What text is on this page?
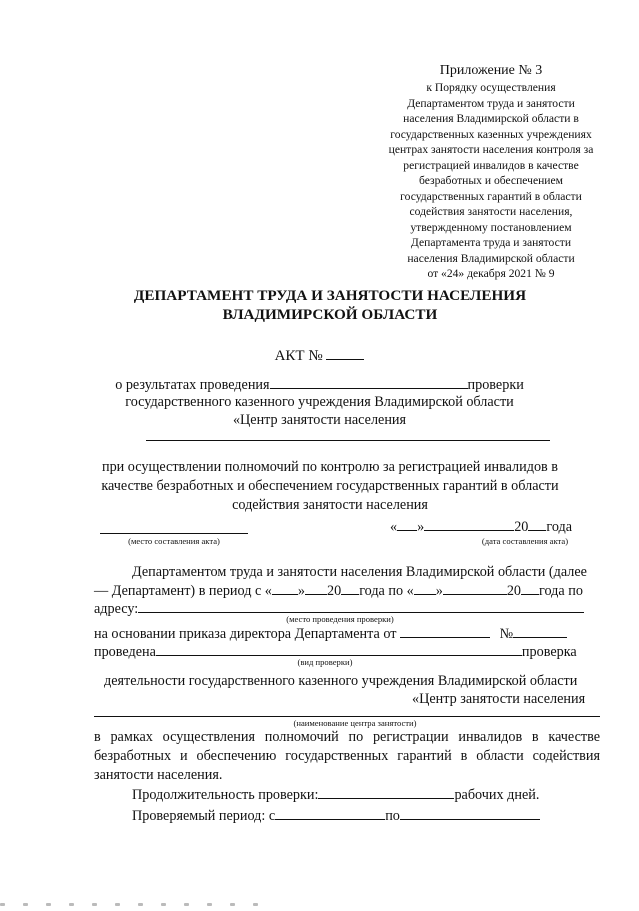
Приложение № 3
к Порядку осуществления
Департаментом труда и занятости
населения Владимирской области в
государственных казенных учреждениях
центрах занятости населения контроля за
регистрацией инвалидов в качестве
безработных и обеспечением
государственных гарантий в области
содействия занятости населения,
утвержденному постановлением
Департамента труда и занятости
населения Владимирской области
от «24» декабря 2021 № 9
ДЕПАРТАМЕНТ ТРУДА И ЗАНЯТОСТИ НАСЕЛЕНИЯ
ВЛАДИМИРСКОЙ ОБЛАСТИ
АКТ №
о результатах проведения	проверки
государственного казенного учреждения Владимирской области
«Центр занятости населения
при осуществлении полномочий по контролю за регистрацией инвалидов в
качестве безработных и обеспечением государственных гарантий в области
содействия занятости населения
(место составления акта)
« »	20 года
(дата составления акта)
Департаментом труда и занятости населения Владимирской области (далее
— Департамент) в период с « » 20 года по « »	20 года по
адресу:
(место проведения проверки)
на основании приказа директора Департамента от	№
проведена	проверка
(вид проверки)
деятельности государственного казенного учреждения Владимирской области
«Центр занятости населения
(наименование центра занятости)
в рамках осуществления полномочий по регистрации инвалидов в качестве
безработных и обеспечению государственных гарантий в области содействия
занятости населения.
Продолжительность проверки:	рабочих дней.
Проверяемый период: с	по
